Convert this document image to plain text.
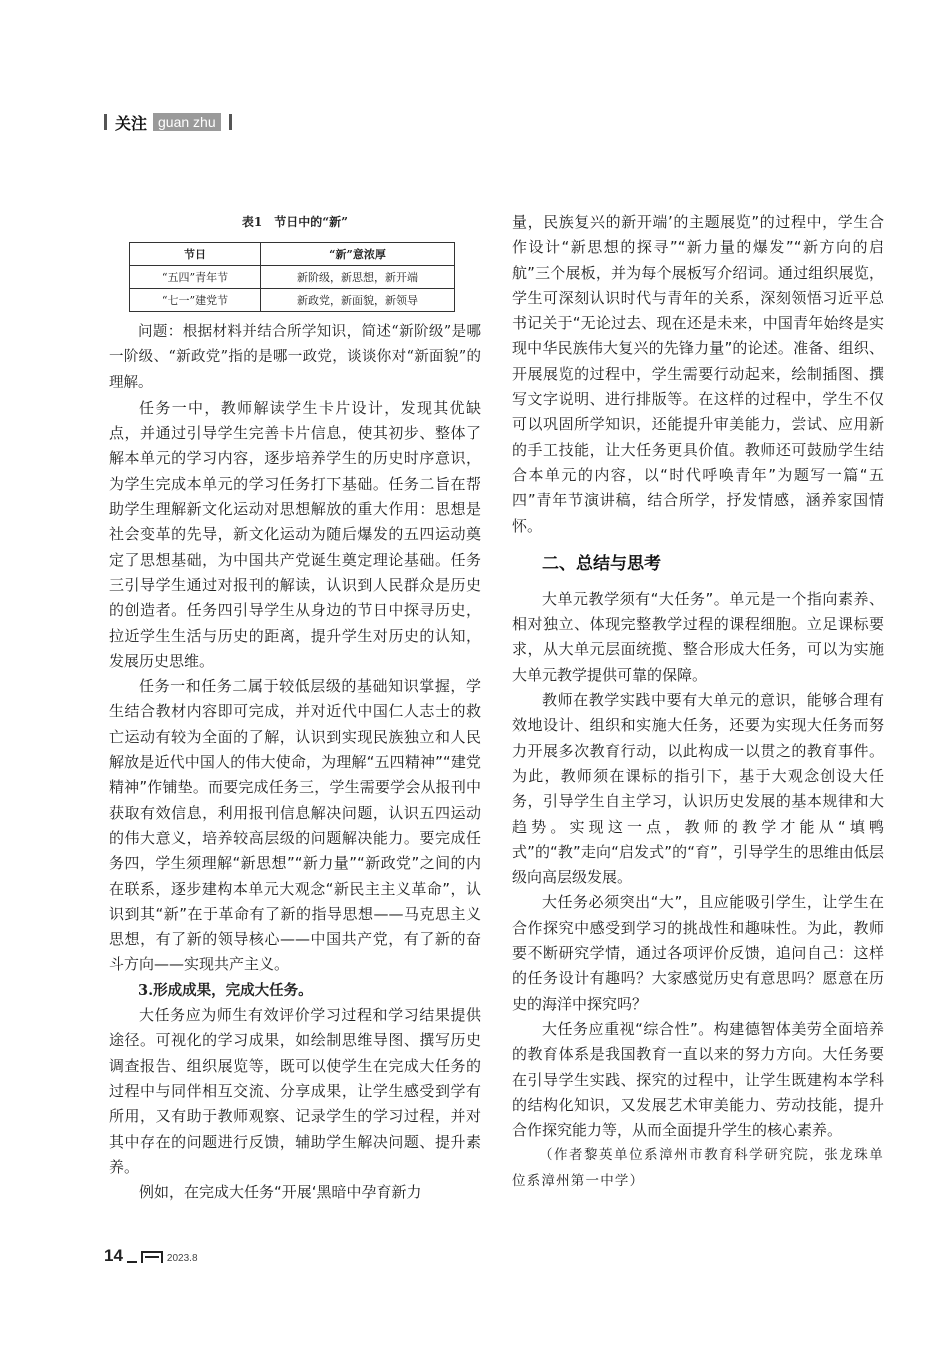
关注 guan zhu
表1　节日中的“新”
节日	“新”意浓厚
“五四”青年节	新阶级，新思想，新开端
“七一”建党节	新政党，新面貌，新领导

问题：根据材料并结合所学知识，简述“新阶级”是哪一阶级、“新政党”指的是哪一政党，谈谈你对“新面貌”的理解。

任务一中，教师解读学生卡片设计，发现其优缺点，并通过引导学生完善卡片信息，使其初步、整体了解本单元的学习内容，逐步培养学生的历史时序意识，为学生完成本单元的学习任务打下基础。任务二旨在帮助学生理解新文化运动对思想解放的重大作用：思想是社会变革的先导，新文化运动为随后爆发的五四运动奠定了思想基础，为中国共产党诞生奠定理论基础。任务三引导学生通过对报刊的解读，认识到人民群众是历史的创造者。任务四引导学生从身边的节日中探寻历史，拉近学生生活与历史的距离，提升学生对历史的认知，发展历史思维。

任务一和任务二属于较低层级的基础知识掌握，学生结合教材内容即可完成，并对近代中国仁人志士的救亡运动有较为全面的了解，认识到实现民族独立和人民解放是近代中国人的伟大使命，为理解“五四精神”“建党精神”作铺垫。而要完成任务三，学生需要学会从报刊中获取有效信息，利用报刊信息解决问题，认识五四运动的伟大意义，培养较高层级的问题解决能力。要完成任务四，学生须理解“新思想”“新力量”“新政党”之间的内在联系，逐步建构本单元大观念“新民主主义革命”，认识到其“新”在于革命有了新的指导思想——马克思主义思想，有了新的领导核心——中国共产党，有了新的奋斗方向——实现共产主义。

3.形成成果，完成大任务。

大任务应为师生有效评价学习过程和学习结果提供途径。可视化的学习成果，如绘制思维导图、撰写历史调查报告、组织展览等，既可以使学生在完成大任务的过程中与同伴相互交流、分享成果，让学生感受到学有所用，又有助于教师观察、记录学生的学习过程，并对其中存在的问题进行反馈，辅助学生解决问题、提升素养。

例如，在完成大任务“开展‘黑暗中孕育新力

量，民族复兴的新开端’的主题展览”的过程中，学生合作设计“新思想的探寻”“新力量的爆发”“新方向的启航”三个展板，并为每个展板写介绍词。通过组织展览，学生可深刻认识时代与青年的关系，深刻领悟习近平总书记关于“无论过去、现在还是未来，中国青年始终是实现中华民族伟大复兴的先锋力量”的论述。准备、组织、开展展览的过程中，学生需要行动起来，绘制插图、撰写文字说明、进行排版等。在这样的过程中，学生不仅可以巩固所学知识，还能提升审美能力，尝试、应用新的手工技能，让大任务更具价值。教师还可鼓励学生结合本单元的内容，以“时代呼唤青年”为题写一篇“五四”青年节演讲稿，结合所学，抒发情感，涵养家国情怀。

二、总结与思考

大单元教学须有“大任务”。单元是一个指向素养、相对独立、体现完整教学过程的课程细胞。立足课标要求，从大单元层面统揽、整合形成大任务，可以为实施大单元教学提供可靠的保障。

教师在教学实践中要有大单元的意识，能够合理有效地设计、组织和实施大任务，还要为实现大任务而努力开展多次教育行动，以此构成一以贯之的教育事件。为此，教师须在课标的指引下，基于大观念创设大任务，引导学生自主学习，认识历史发展的基本规律和大趋势。实现这一点，教师的教学才能从“填鸭式”的“教”走向“启发式”的“育”，引导学生的思维由低层级向高层级发展。

大任务必须突出“大”，且应能吸引学生，让学生在合作探究中感受到学习的挑战性和趣味性。为此，教师要不断研究学情，通过各项评价反馈，追问自己：这样的任务设计有趣吗？大家感觉历史有意思吗？愿意在历史的海洋中探究吗？

大任务应重视“综合性”。构建德智体美劳全面培养的教育体系是我国教育一直以来的努力方向。大任务要在引导学生实践、探究的过程中，让学生既建构本学科的结构化知识，又发展艺术审美能力、劳动技能，提升合作探究能力等，从而全面提升学生的核心素养。

（作者黎英单位系漳州市教育科学研究院，张龙珠单位系漳州第一中学）

14	2023.8
